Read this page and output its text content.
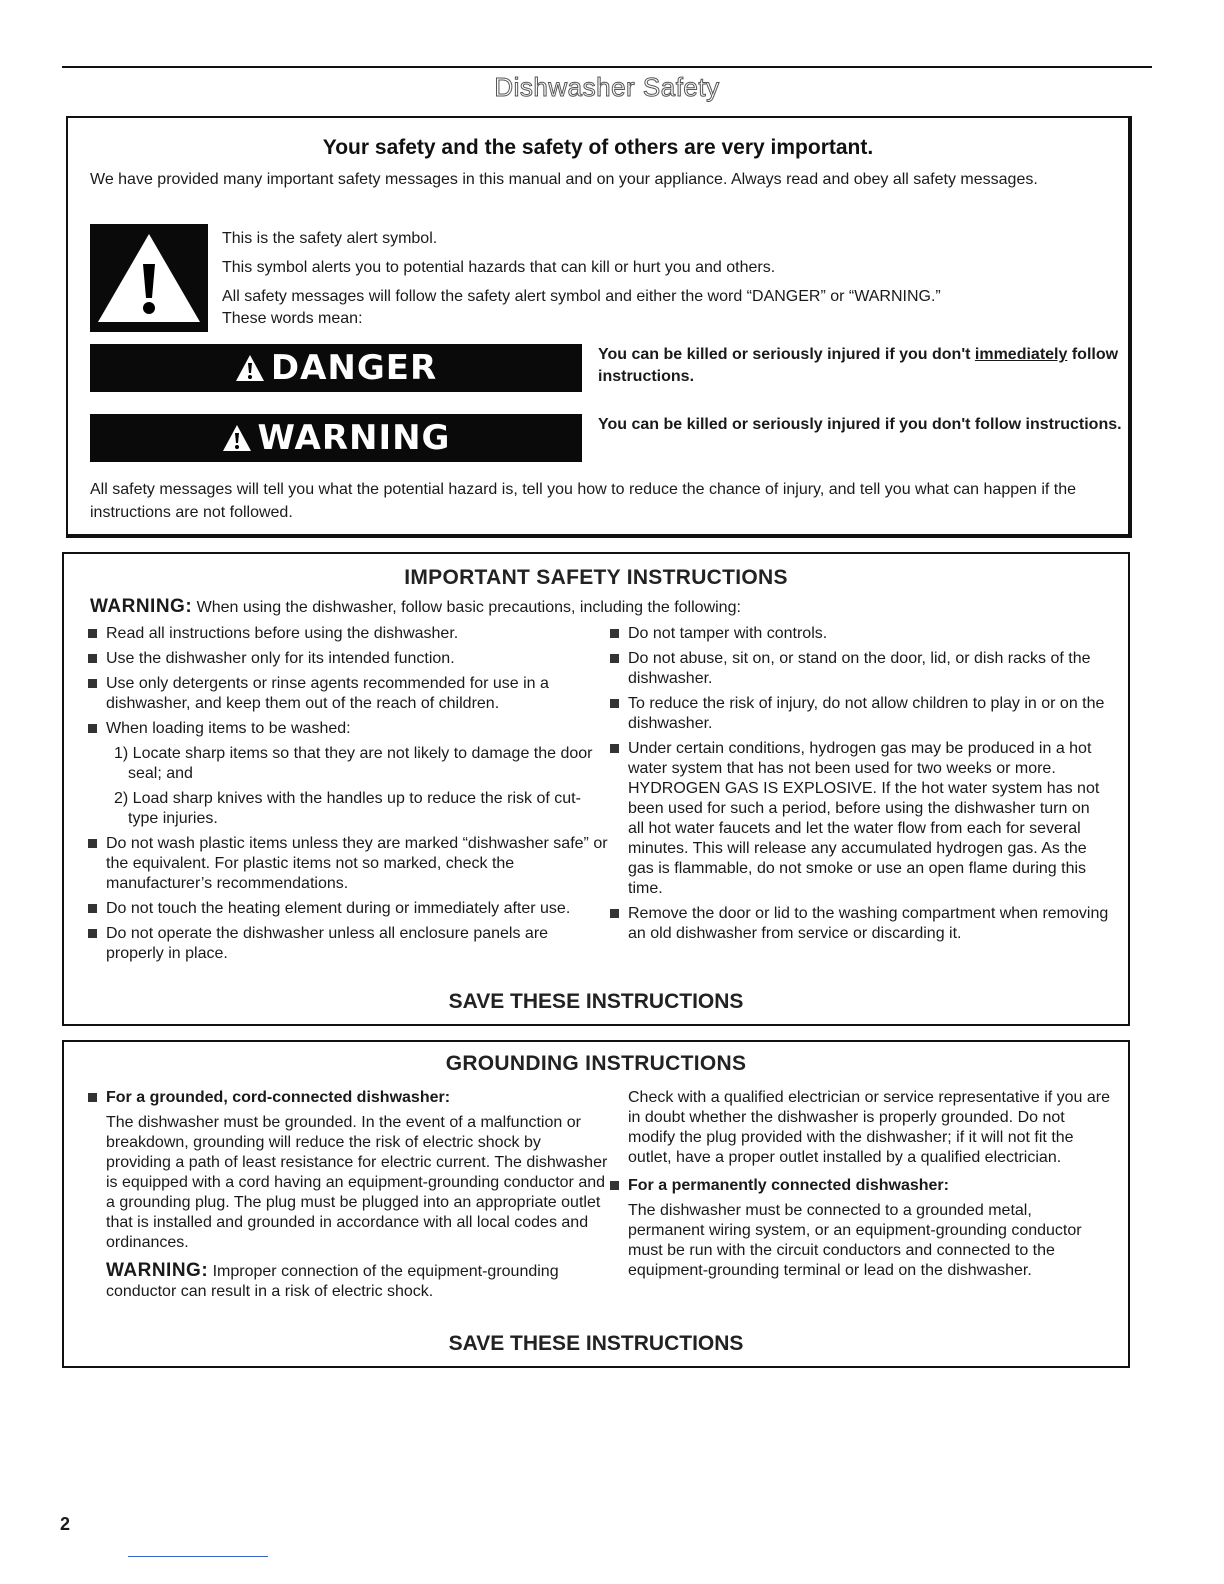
Dishwasher Safety
Your safety and the safety of others are very important.
We have provided many important safety messages in this manual and on your appliance. Always read and obey all safety messages.

This is the safety alert symbol.

This symbol alerts you to potential hazards that can kill or hurt you and others.

All safety messages will follow the safety alert symbol and either the word “DANGER” or “WARNING.”

These words mean:

DANGER	You can be killed or seriously injured if you don't immediately follow instructions.
WARNING	You can be killed or seriously injured if you don't follow instructions.
All safety messages will tell you what the potential hazard is, tell you how to reduce the chance of injury, and tell you what can happen if the instructions are not followed.
IMPORTANT SAFETY INSTRUCTIONS
WARNING: When using the dishwasher, follow basic precautions, including the following:
Read all instructions before using the dishwasher.
Use the dishwasher only for its intended function.
Use only detergents or rinse agents recommended for use in a dishwasher, and keep them out of the reach of children.
When loading items to be washed:
1) Locate sharp items so that they are not likely to damage the door seal; and
2) Load sharp knives with the handles up to reduce the risk of cut-type injuries.
Do not wash plastic items unless they are marked “dishwasher safe” or the equivalent. For plastic items not so marked, check the manufacturer’s recommendations.
Do not touch the heating element during or immediately after use.
Do not operate the dishwasher unless all enclosure panels are properly in place.
Do not tamper with controls.
Do not abuse, sit on, or stand on the door, lid, or dish racks of the dishwasher.
To reduce the risk of injury, do not allow children to play in or on the dishwasher.
Under certain conditions, hydrogen gas may be produced in a hot water system that has not been used for two weeks or more. HYDROGEN GAS IS EXPLOSIVE. If the hot water system has not been used for such a period, before using the dishwasher turn on all hot water faucets and let the water flow from each for several minutes. This will release any accumulated hydrogen gas. As the gas is flammable, do not smoke or use an open flame during this time.
Remove the door or lid to the washing compartment when removing an old dishwasher from service or discarding it.
SAVE THESE INSTRUCTIONS
GROUNDING INSTRUCTIONS
For a grounded, cord-connected dishwasher:
The dishwasher must be grounded. In the event of a malfunction or breakdown, grounding will reduce the risk of electric shock by providing a path of least resistance for electric current. The dishwasher is equipped with a cord having an equipment-grounding conductor and a grounding plug. The plug must be plugged into an appropriate outlet that is installed and grounded in accordance with all local codes and ordinances.
WARNING: Improper connection of the equipment-grounding conductor can result in a risk of electric shock.
Check with a qualified electrician or service representative if you are in doubt whether the dishwasher is properly grounded. Do not modify the plug provided with the dishwasher; if it will not fit the outlet, have a proper outlet installed by a qualified electrician.
For a permanently connected dishwasher:
The dishwasher must be connected to a grounded metal, permanent wiring system, or an equipment-grounding conductor must be run with the circuit conductors and connected to the equipment-grounding terminal or lead on the dishwasher.
SAVE THESE INSTRUCTIONS
2
